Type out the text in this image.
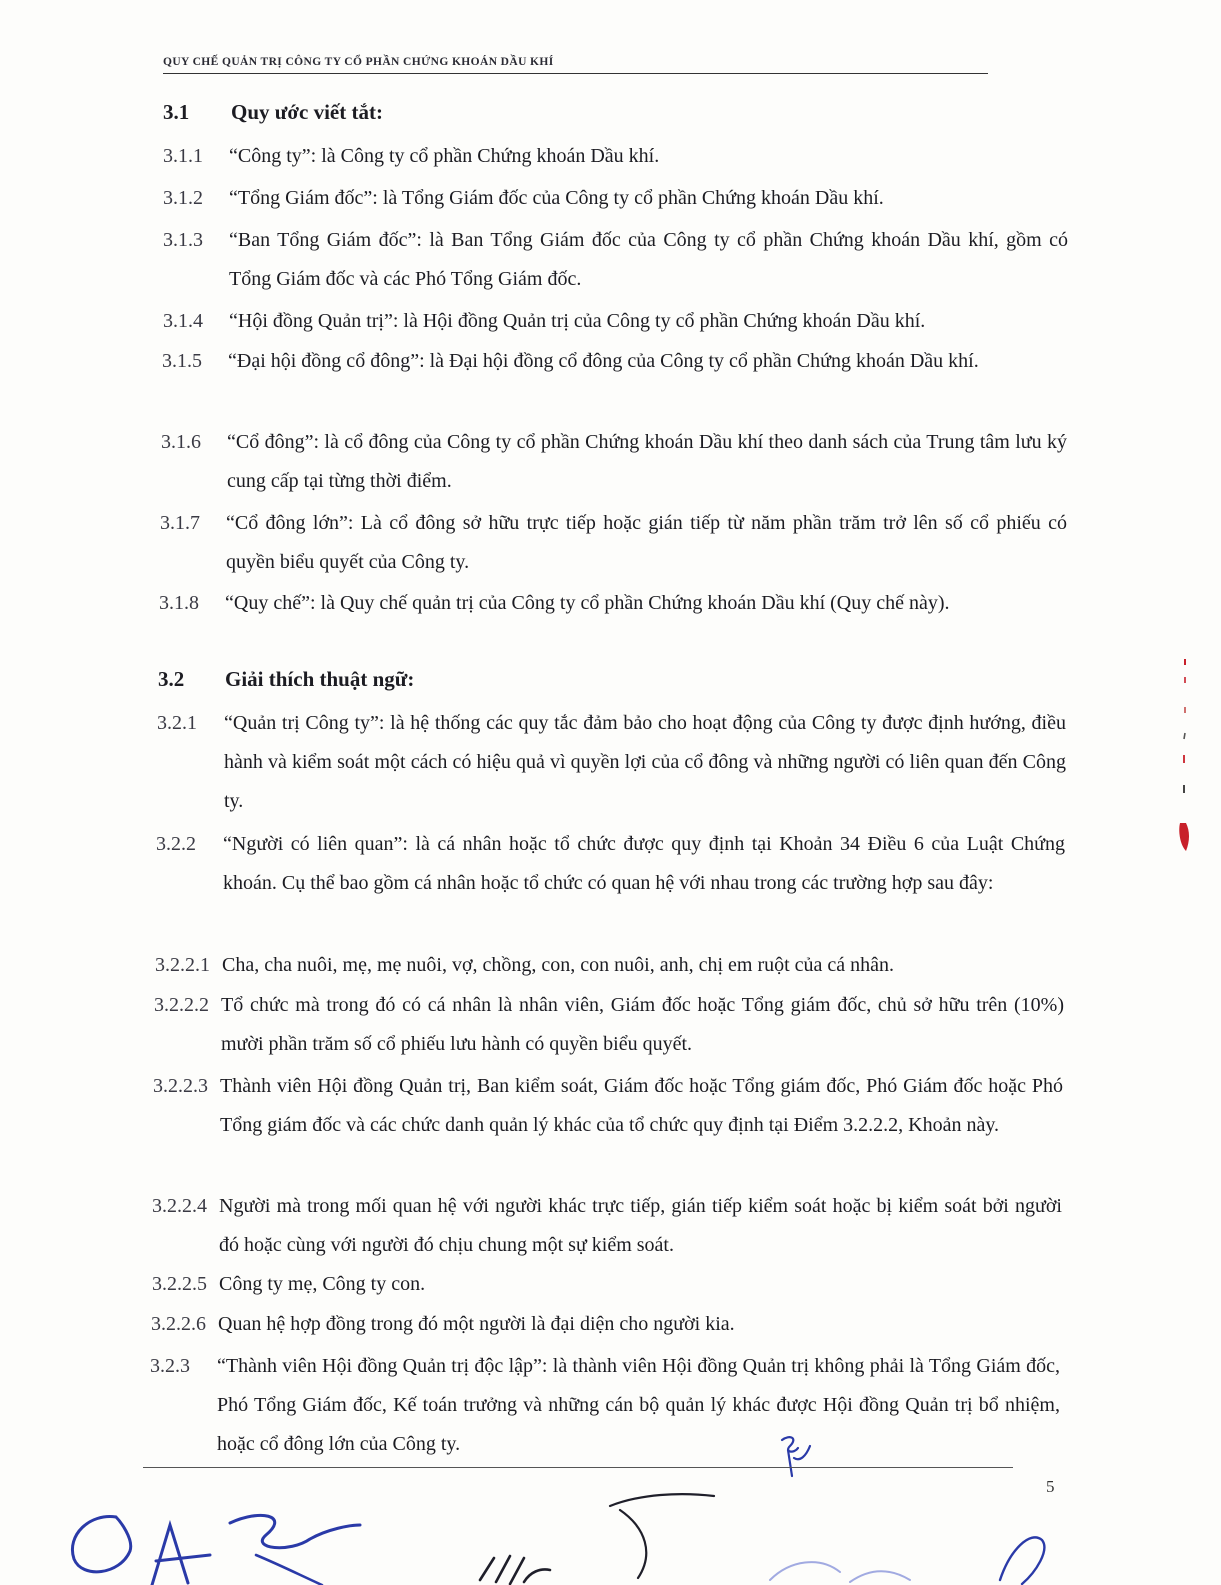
QUY CHẾ QUẢN TRỊ CÔNG TY CỔ PHẦN CHỨNG KHOÁN DẦU KHÍ
3.1 Quy ước viết tắt:
3.1.1 “Công ty”: là Công ty cổ phần Chứng khoán Dầu khí.
3.1.2 “Tổng Giám đốc”: là Tổng Giám đốc của Công ty cổ phần Chứng khoán Dầu khí.
3.1.3 “Ban Tổng Giám đốc”: là Ban Tổng Giám đốc của Công ty cổ phần Chứng khoán Dầu khí, gồm có Tổng Giám đốc và các Phó Tổng Giám đốc.
3.1.4 “Hội đồng Quản trị”: là Hội đồng Quản trị của Công ty cổ phần Chứng khoán Dầu khí.
3.1.5 “Đại hội đồng cổ đông”: là Đại hội đồng cổ đông của Công ty cổ phần Chứng khoán Dầu khí.
3.1.6 “Cổ đông”: là cổ đông của Công ty cổ phần Chứng khoán Dầu khí theo danh sách của Trung tâm lưu ký cung cấp tại từng thời điểm.
3.1.7 “Cổ đông lớn”: Là cổ đông sở hữu trực tiếp hoặc gián tiếp từ năm phần trăm trở lên số cổ phiếu có quyền biểu quyết của Công ty.
3.1.8 “Quy chế”: là Quy chế quản trị của Công ty cổ phần Chứng khoán Dầu khí (Quy chế này).
3.2 Giải thích thuật ngữ:
3.2.1 “Quản trị Công ty”: là hệ thống các quy tắc đảm bảo cho hoạt động của Công ty được định hướng, điều hành và kiểm soát một cách có hiệu quả vì quyền lợi của cổ đông và những người có liên quan đến Công ty.
3.2.2 “Người có liên quan”: là cá nhân hoặc tổ chức được quy định tại Khoản 34 Điều 6 của Luật Chứng khoán. Cụ thể bao gồm cá nhân hoặc tổ chức có quan hệ với nhau trong các trường hợp sau đây:
3.2.2.1 Cha, cha nuôi, mẹ, mẹ nuôi, vợ, chồng, con, con nuôi, anh, chị em ruột của cá nhân.
3.2.2.2 Tổ chức mà trong đó có cá nhân là nhân viên, Giám đốc hoặc Tổng giám đốc, chủ sở hữu trên (10%) mười phần trăm số cổ phiếu lưu hành có quyền biểu quyết.
3.2.2.3 Thành viên Hội đồng Quản trị, Ban kiểm soát, Giám đốc hoặc Tổng giám đốc, Phó Giám đốc hoặc Phó Tổng giám đốc và các chức danh quản lý khác của tổ chức quy định tại Điểm 3.2.2.2, Khoản này.
3.2.2.4 Người mà trong mối quan hệ với người khác trực tiếp, gián tiếp kiểm soát hoặc bị kiểm soát bởi người đó hoặc cùng với người đó chịu chung một sự kiểm soát.
3.2.2.5 Công ty mẹ, Công ty con.
3.2.2.6 Quan hệ hợp đồng trong đó một người là đại diện cho người kia.
3.2.3 “Thành viên Hội đồng Quản trị độc lập”: là thành viên Hội đồng Quản trị không phải là Tổng Giám đốc, Phó Tổng Giám đốc, Kế toán trưởng và những cán bộ quản lý khác được Hội đồng Quản trị bổ nhiệm, hoặc cổ đông lớn của Công ty.
5
